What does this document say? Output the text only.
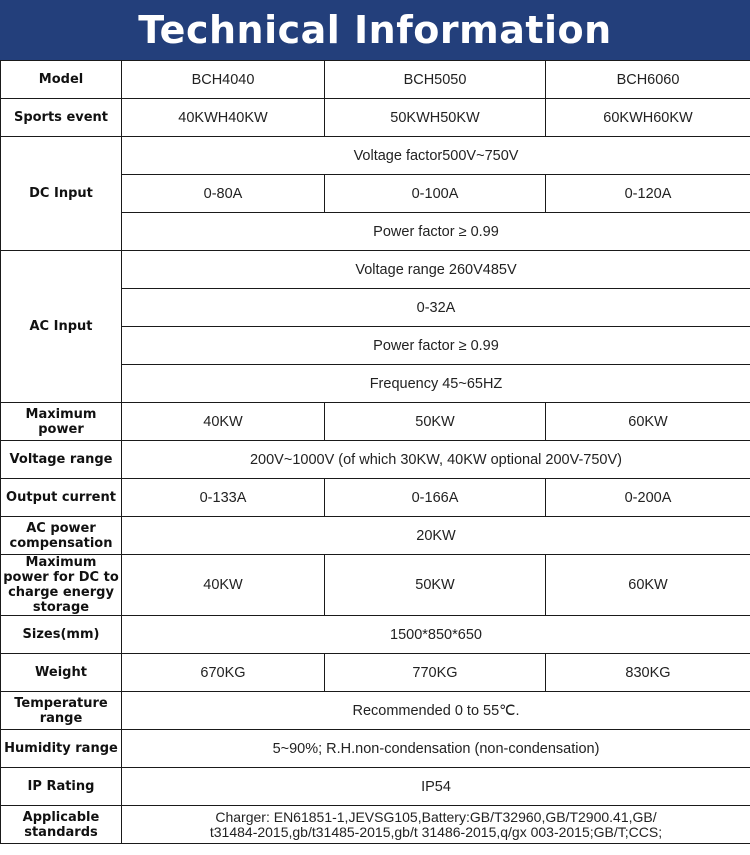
Technical Information
Model	BCH4040	BCH5050	BCH6060
Sports event	40KWH40KW	50KWH50KW	60KWH60KW
DC Input	Voltage factor500V~750V		
	0-80A	0-100A	0-120A
	Power factor ≥ 0.99		
AC Input	Voltage range 260V485V		
	0-32A		
	Power factor ≥ 0.99		
	Frequency 45~65HZ		
Maximum power	40KW	50KW	60KW
Voltage range	200V~1000V (of which 30KW, 40KW optional 200V-750V)		
Output current	0-133A	0-166A	0-200A
AC power compensation	20KW		
Maximum power for DC to charge energy storage	40KW	50KW	60KW
Sizes(mm)	1500*850*650		
Weight	670KG	770KG	830KG
Temperature range	Recommended 0 to 55℃.		
Humidity range	5~90%; R.H.non-condensation (non-condensation)		
IP Rating	IP54		
Applicable standards	Charger: EN61851-1,JEVSG105,Battery:GB/T32960,GB/T2900.41,GB/
t31484-2015,gb/t31485-2015,gb/t 31486-2015,q/gx 003-2015;GB/T;CCS;		
